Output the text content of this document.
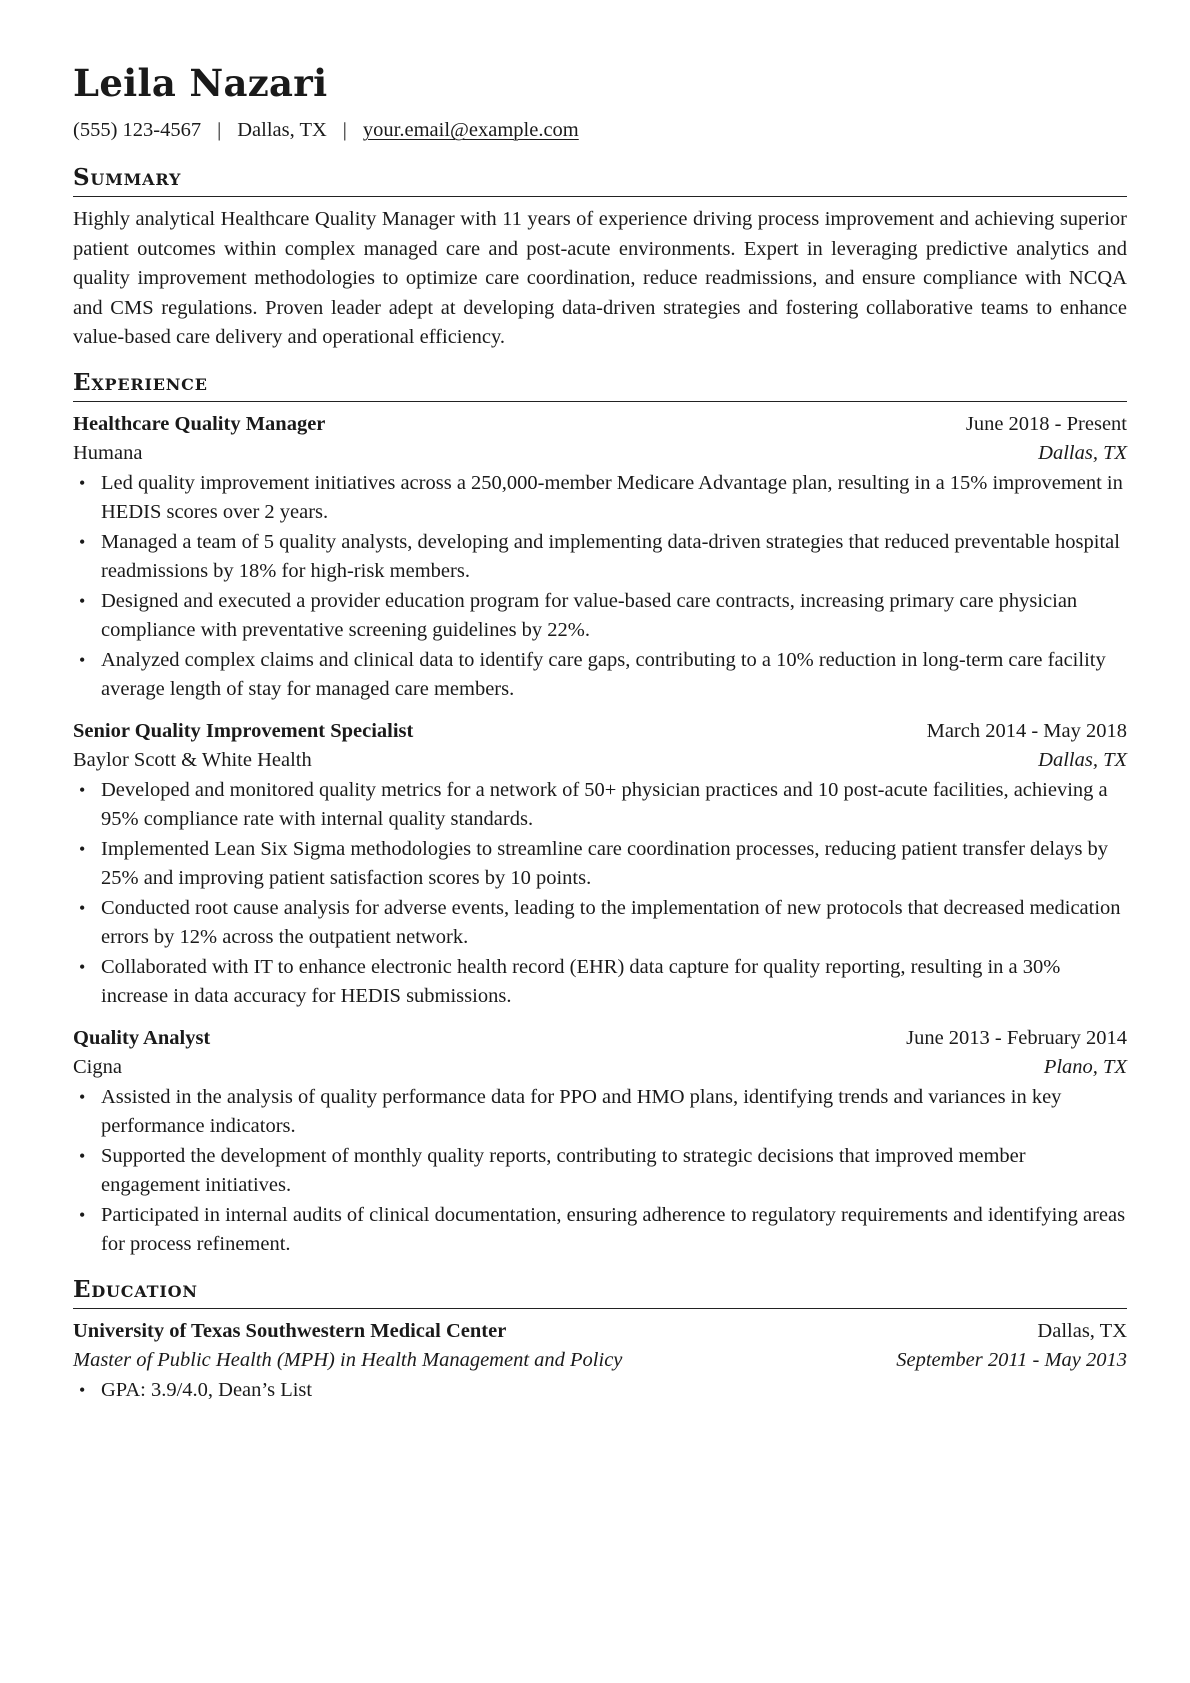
Leila Nazari
(555) 123-4567 | Dallas, TX | your.email@example.com
Summary
Highly analytical Healthcare Quality Manager with 11 years of experience driving process improvement and achieving superior patient outcomes within complex managed care and post-acute environments. Expert in leveraging predictive analytics and quality improvement methodologies to optimize care coordination, reduce readmissions, and ensure compliance with NCQA and CMS regulations. Proven leader adept at developing data-driven strategies and fostering collaborative teams to enhance value-based care delivery and operational efficiency.
Experience
Healthcare Quality Manager	June 2018 - Present
Humana	Dallas, TX
• Led quality improvement initiatives across a 250,000-member Medicare Advantage plan, resulting in a 15% improvement in HEDIS scores over 2 years.
• Managed a team of 5 quality analysts, developing and implementing data-driven strategies that reduced preventable hospital readmissions by 18% for high-risk members.
• Designed and executed a provider education program for value-based care contracts, increasing primary care physician compliance with preventative screening guidelines by 22%.
• Analyzed complex claims and clinical data to identify care gaps, contributing to a 10% reduction in long-term care facility average length of stay for managed care members.
Senior Quality Improvement Specialist	March 2014 - May 2018
Baylor Scott & White Health	Dallas, TX
• Developed and monitored quality metrics for a network of 50+ physician practices and 10 post-acute facilities, achieving a 95% compliance rate with internal quality standards.
• Implemented Lean Six Sigma methodologies to streamline care coordination processes, reducing patient transfer delays by 25% and improving patient satisfaction scores by 10 points.
• Conducted root cause analysis for adverse events, leading to the implementation of new protocols that decreased medication errors by 12% across the outpatient network.
• Collaborated with IT to enhance electronic health record (EHR) data capture for quality reporting, resulting in a 30% increase in data accuracy for HEDIS submissions.
Quality Analyst	June 2013 - February 2014
Cigna	Plano, TX
• Assisted in the analysis of quality performance data for PPO and HMO plans, identifying trends and variances in key performance indicators.
• Supported the development of monthly quality reports, contributing to strategic decisions that improved member engagement initiatives.
• Participated in internal audits of clinical documentation, ensuring adherence to regulatory requirements and identifying areas for process refinement.
Education
University of Texas Southwestern Medical Center	Dallas, TX
Master of Public Health (MPH) in Health Management and Policy	September 2011 - May 2013
• GPA: 3.9/4.0, Dean’s List
